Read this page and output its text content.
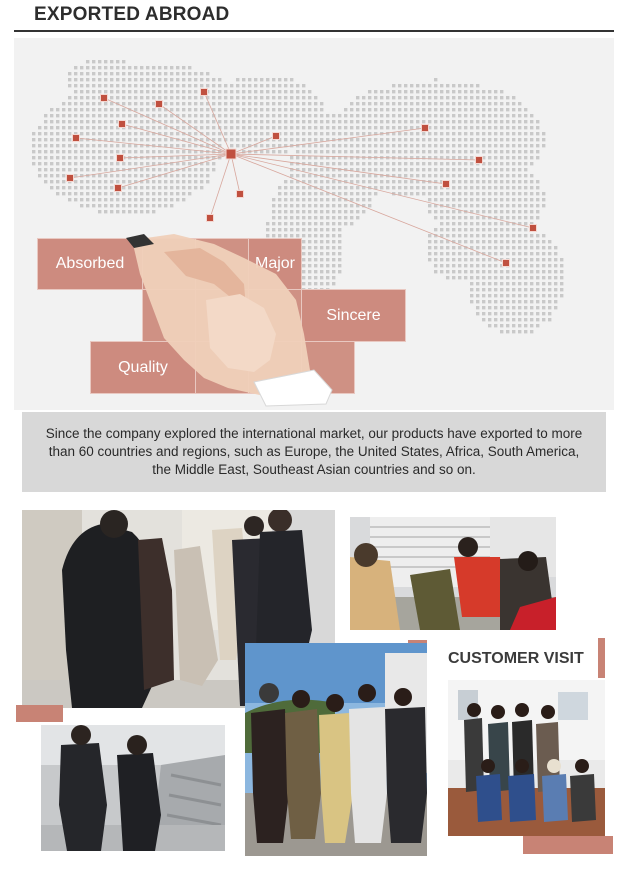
EXPORTED ABROAD
Absorbed	Major
Sincere
Quality

Since the company explored the international market, our products have exported to more than 60 countries and regions, such as Europe, the United States, Africa, South America, the Middle East, Southeast Asian countries and so on.

CUSTOMER VISIT
